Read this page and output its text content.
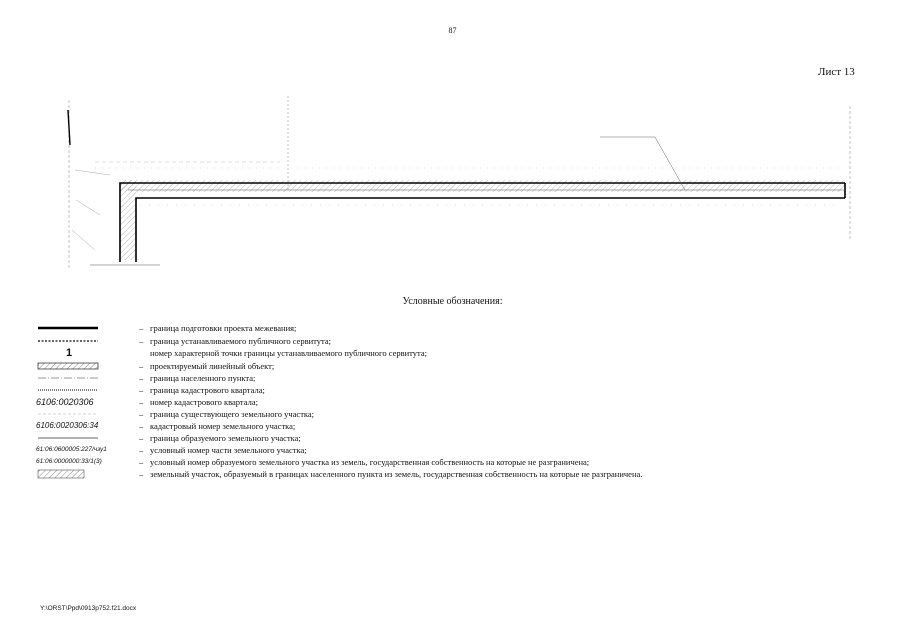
87
Лист 13
Условные обозначения:
– граница подготовки проекта межевания;
– граница устанавливаемого публичного сервитута;
1	номер характерной точки границы устанавливаемого публичного сервитута;
– проектируемый линейный объект;
– граница населенного пункта;
– граница кадастрового квартала;
6106:0020306	– номер кадастрового квартала;
– граница существующего земельного участка;
6106:0020306:34	– кадастровый номер земельного участка;
– граница образуемого земельного участка;
61:06:0600005:227/чзу1	– условный номер части земельного участка;
61:06:0000000:33/1(3)	– условный номер образуемого земельного участка из земель, государственная собственность на которые не разграничена;
– земельный участок, образуемый в границах населенного пункта из земель, государственная собственность на которые не разграничена.
Y:\ORST\Ppd\0913p752.f21.docx
